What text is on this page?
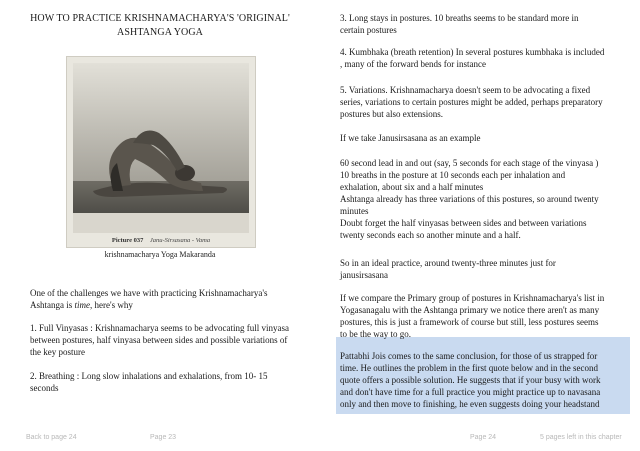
HOW TO PRACTICE KRISHNAMACHARYA'S 'ORIGINAL'
ASHTANGA YOGA
Picture 037 Janu-Sirsasana - Vama
krishnamacharya Yoga Makaranda
One of the challenges we have with practicing Krishnamacharya's
Ashtanga is time, here's why
1. Full Vinyasas : Krishnamacharya seems to be advocating full vinyasa
between postures, half vinyasa between sides and possible variations of
the key posture
2. Breathing : Long slow inhalations and exhalations, from 10- 15
seconds
3. Long stays in postures. 10 breaths seems to be standard more in
certain postures
4. Kumbhaka (breath retention) In several postures kumbhaka is included
, many of the forward bends for instance
5. Variations. Krishnamacharya doesn't seem to be advocating a fixed
series, variations to certain postures might be added, perhaps preparatory
postures but also extensions.
If we take Janusirsasana as an example
60 second lead in and out (say, 5 seconds for each stage of the vinyasa )
10 breaths in the posture at 10 seconds each per inhalation and
exhalation, about six and a half minutes
Ashtanga already has three variations of this postures, so around twenty
minutes
Doubt forget the half vinyasas between sides and between variations
twenty seconds each so another minute and a half.
So in an ideal practice, around twenty-three minutes just for
janusirsasana
If we compare the Primary group of postures in Krishnamacharya's list in
Yogasanagalu with the Ashtanga primary we notice there aren't as many
postures, this is just a framework of course but still, less postures seems
to be the way to go.
Pattabhi Jois comes to the same conclusion, for those of us strapped for
time. He outlines the problem in the first quote below and in the second
quote offers a possible solution. He suggests that if your busy with work
and don't have time for a full practice you might practice up to navasana
only and then move to finishing, he even suggests doing your headstand
Back to page 24	Page 23	Page 24	5 pages left in this chapter
